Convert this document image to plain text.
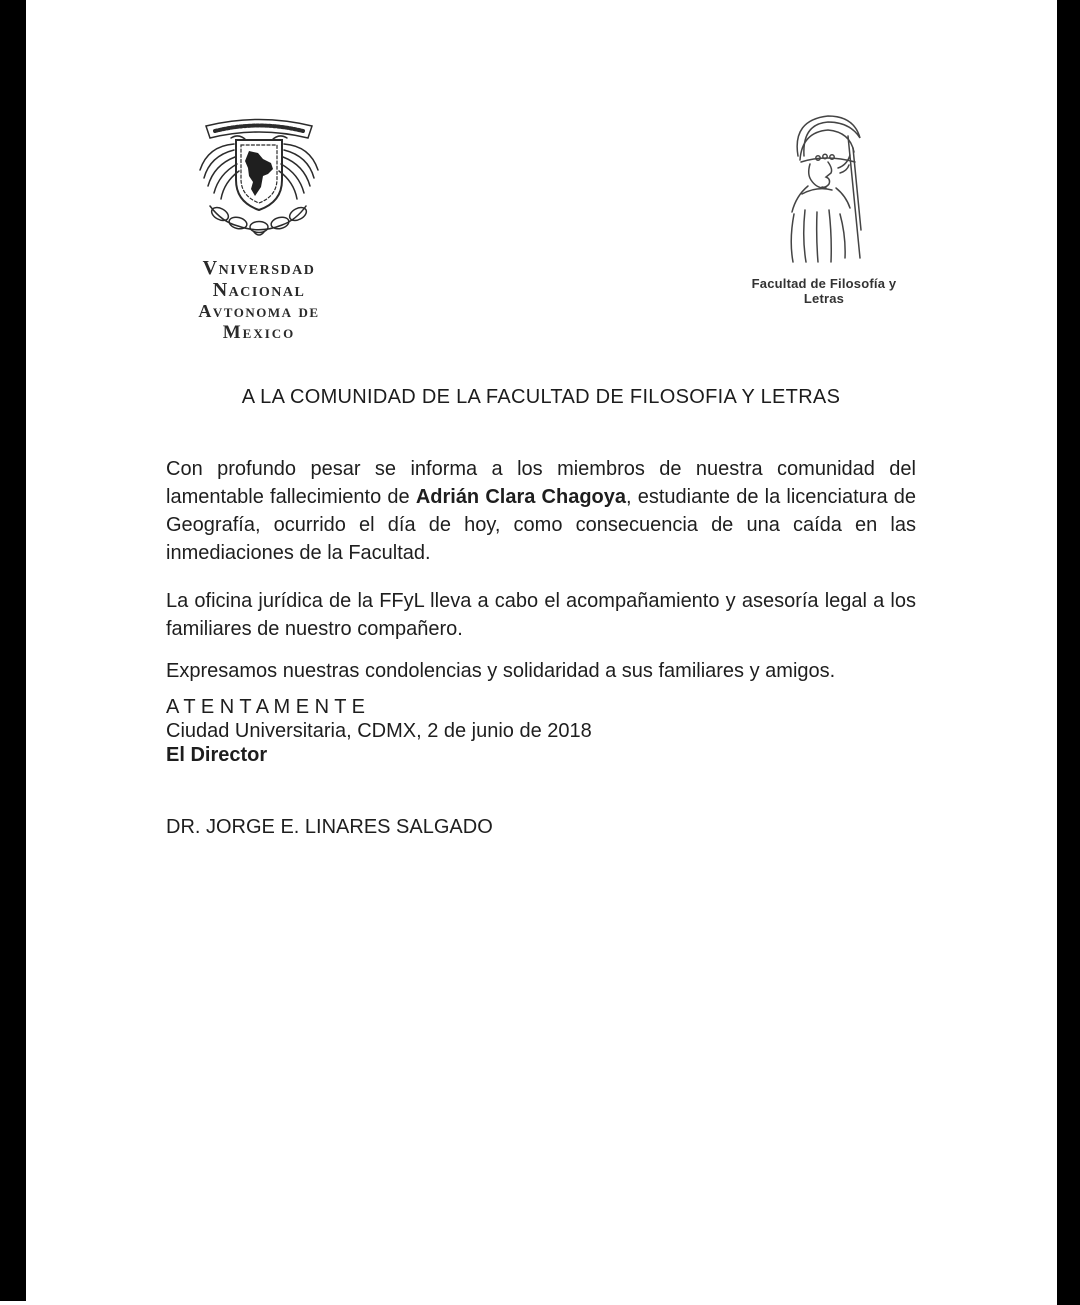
Vniversdad Nacional
Avtonoma de
Mexico
Facultad de Filosofía y Letras
A LA COMUNIDAD DE LA FACULTAD DE FILOSOFIA Y LETRAS

Con profundo pesar se informa a los miembros de nuestra comunidad del lamentable fallecimiento de Adrián Clara Chagoya, estudiante de la licenciatura de Geografía, ocurrido el día de hoy, como consecuencia de una caída en las inmediaciones de la Facultad.

La oficina jurídica de la FFyL lleva a cabo el acompañamiento y asesoría legal a los familiares de nuestro compañero.

Expresamos nuestras condolencias y solidaridad a sus familiares y amigos.

A T E N T A M E N T E
Ciudad Universitaria, CDMX, 2 de junio de 2018
El Director
DR. JORGE E. LINARES SALGADO
